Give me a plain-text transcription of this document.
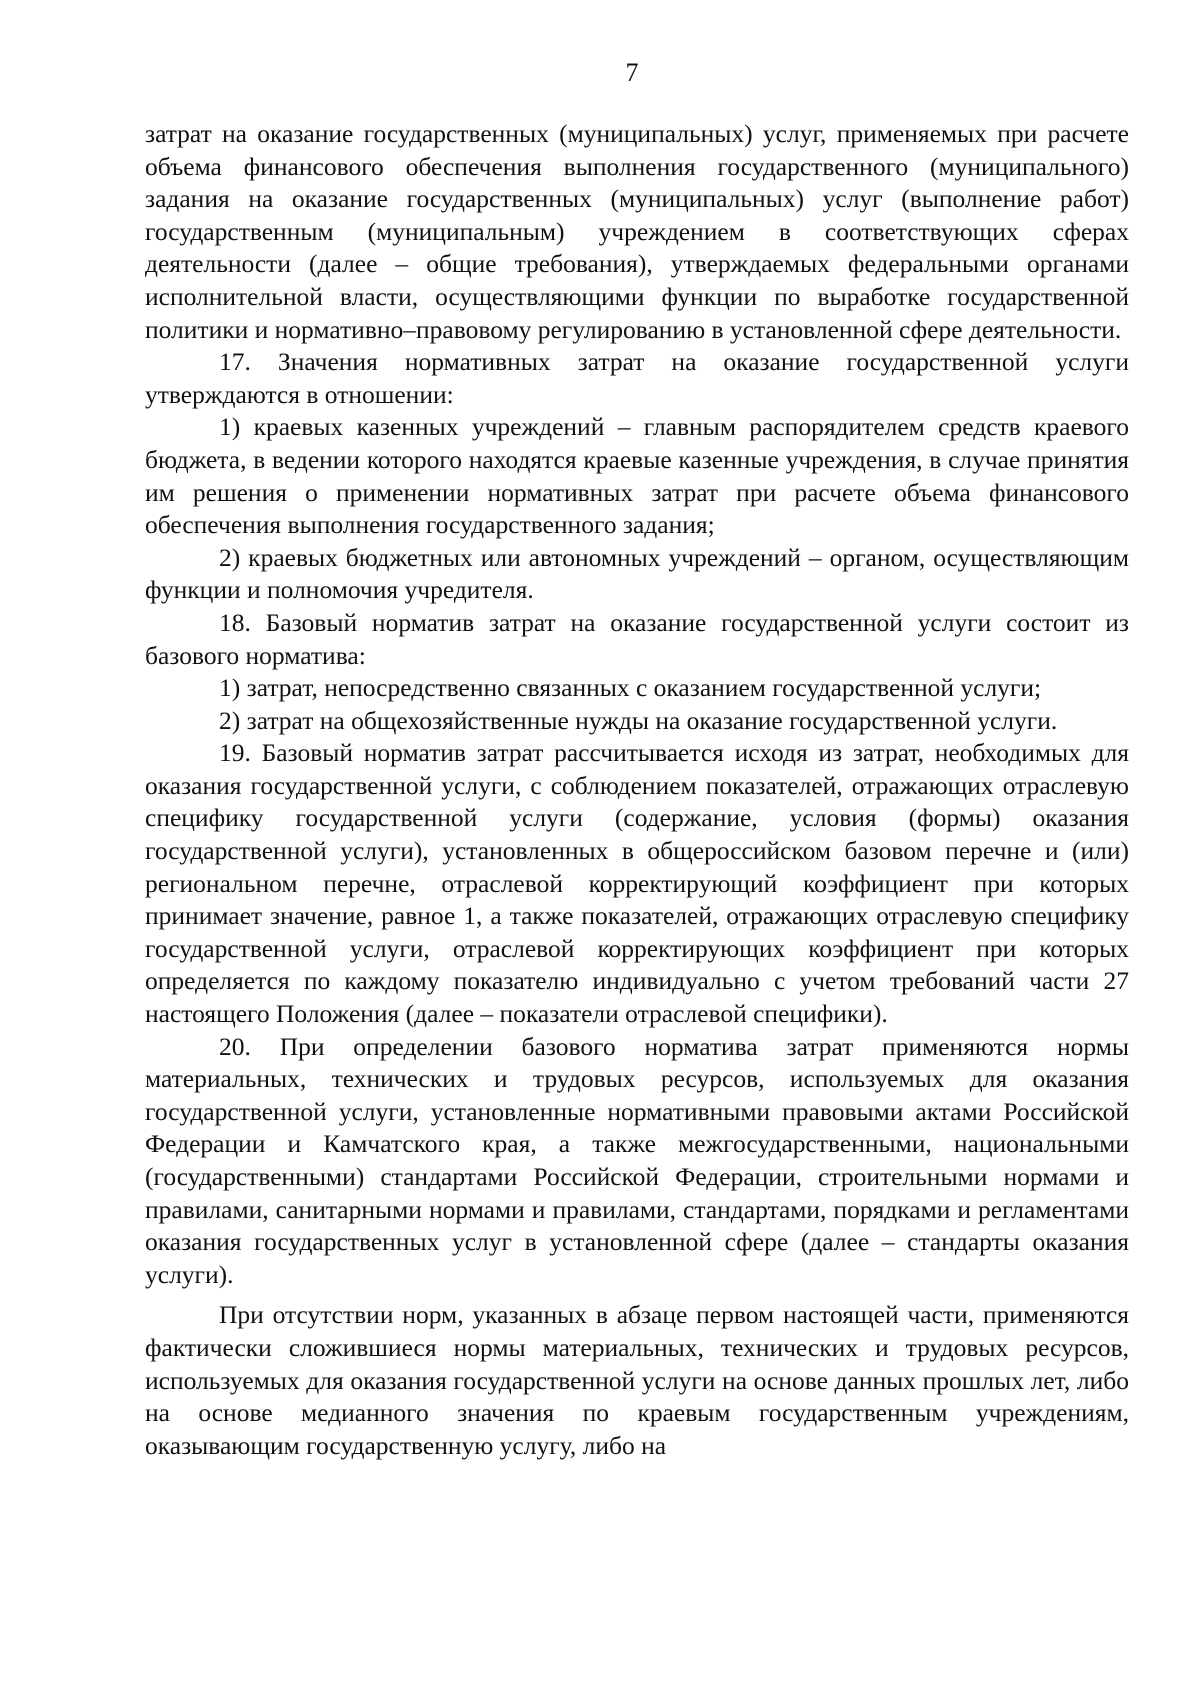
7

затрат на оказание государственных (муниципальных) услуг, применяемых при расчете объема финансового обеспечения выполнения государственного (муниципального) задания на оказание государственных (муниципальных) услуг (выполнение работ) государственным (муниципальным) учреждением в соответствующих сферах деятельности (далее – общие требования), утверждаемых федеральными органами исполнительной власти, осуществляющими функции по выработке государственной политики и нормативно–правовому регулированию в установленной сфере деятельности.

17. Значения нормативных затрат на оказание государственной услуги утверждаются в отношении:

1) краевых казенных учреждений – главным распорядителем средств краевого бюджета, в ведении которого находятся краевые казенные учреждения, в случае принятия им решения о применении нормативных затрат при расчете объема финансового обеспечения выполнения государственного задания;

2) краевых бюджетных или автономных учреждений – органом, осуществляющим функции и полномочия учредителя.

18. Базовый норматив затрат на оказание государственной услуги состоит из базового норматива:

1) затрат, непосредственно связанных с оказанием государственной услуги;

2) затрат на общехозяйственные нужды на оказание государственной услуги.

19. Базовый норматив затрат рассчитывается исходя из затрат, необходимых для оказания государственной услуги, с соблюдением показателей, отражающих отраслевую специфику государственной услуги (содержание, условия (формы) оказания государственной услуги), установленных в общероссийском базовом перечне и (или) региональном перечне, отраслевой корректирующий коэффициент при которых принимает значение, равное 1, а также показателей, отражающих отраслевую специфику государственной услуги, отраслевой корректирующих коэффициент при которых определяется по каждому показателю индивидуально с учетом требований части 27 настоящего Положения (далее – показатели отраслевой специфики).

20. При определении базового норматива затрат применяются нормы материальных, технических и трудовых ресурсов, используемых для оказания государственной услуги, установленные нормативными правовыми актами Российской Федерации и Камчатского края, а также межгосударственными, национальными (государственными) стандартами Российской Федерации, строительными нормами и правилами, санитарными нормами и правилами, стандартами, порядками и регламентами оказания государственных услуг в установленной сфере (далее – стандарты оказания услуги).

При отсутствии норм, указанных в абзаце первом настоящей части, применяются фактически сложившиеся нормы материальных, технических и трудовых ресурсов, используемых для оказания государственной услуги на основе данных прошлых лет, либо на основе медианного значения по краевым государственным учреждениям, оказывающим государственную услугу, либо на
